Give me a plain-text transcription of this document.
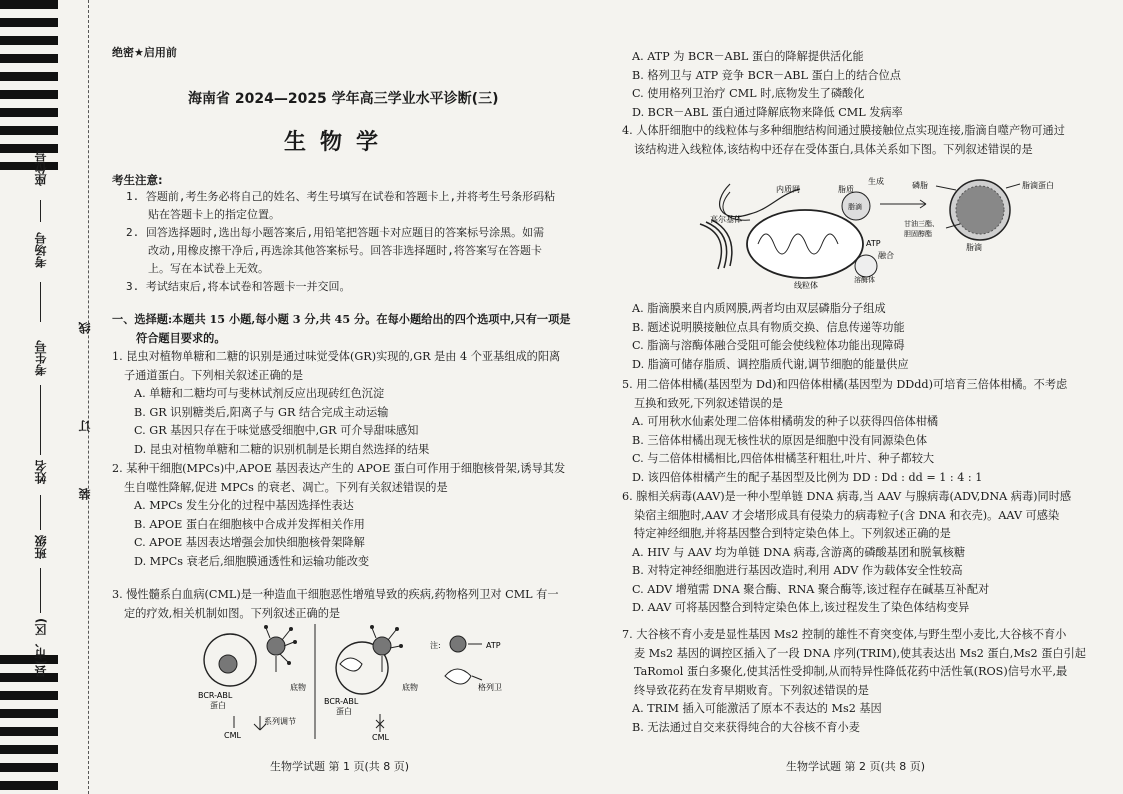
座位号
考场号
考生号
姓名
班级
县(市、区)
线
订
装
绝密★启用前
海南省 2024—2025 学年高三学业水平诊断(三)
生物学
考生注意:
1. 答题前,考生务必将自己的姓名、考生号填写在试卷和答题卡上,并将考生号条形码粘
贴在答题卡上的指定位置。
2. 回答选择题时,选出每小题答案后,用铅笔把答题卡对应题目的答案标号涂黑。如需
改动,用橡皮擦干净后,再选涂其他答案标号。回答非选择题时,将答案写在答题卡
上。写在本试卷上无效。
3. 考试结束后,将本试卷和答题卡一并交回。
一、选择题:本题共 15 小题,每小题 3 分,共 45 分。在每小题给出的四个选项中,只有一项是
符合题目要求的。

1. 昆虫对植物单糖和二糖的识别是通过味觉受体(GR)实现的,GR 是由 4 个亚基组成的阳离

子通道蛋白。下列相关叙述正确的是

A. 单糖和二糖均可与斐林试剂反应出现砖红色沉淀

B. GR 识别糖类后,阳离子与 GR 结合完成主动运输

C. GR 基因只存在于味觉感受细胞中,GR 可介导甜味感知

D. 昆虫对植物单糖和二糖的识别机制是长期自然选择的结果

2. 某种干细胞(MPCs)中,APOE 基因表达产生的 APOE 蛋白可作用于细胞核骨架,诱导其发

生自噬性降解,促进 MPCs 的衰老、凋亡。下列有关叙述错误的是

A. MPCs 发生分化的过程中基因选择性表达

B. APOE 蛋白在细胞核中合成并发挥相关作用

C. APOE 基因表达增强会加快细胞核骨架降解

D. MPCs 衰老后,细胞膜通透性和运输功能改变

3. 慢性髓系白血病(CML)是一种造血干细胞恶性增殖导致的疾病,药物格列卫对 CML 有一

定的疗效,相关机制如图。下列叙述正确的是

BCR-ABL
蛋白
底物
系列调节
CML
BCR-ABL
蛋白
底物
CML
注:	ATP
格列卫
生物学试题 第 1 页(共 8 页)

A. ATP 为 BCR－ABL 蛋白的降解提供活化能

B. 格列卫与 ATP 竞争 BCR－ABL 蛋白上的结合位点

C. 使用格列卫治疗 CML 时,底物发生了磷酸化

D. BCR－ABL 蛋白通过降解底物来降低 CML 发病率

4. 人体肝细胞中的线粒体与多种细胞结构间通过膜接触位点实现连接,脂滴自噬产物可通过

该结构进入线粒体,该结构中还存在受体蛋白,具体关系如下图。下列叙述错误的是

内质网	脂质
生成
高尔基体
脂滴
ATP
融合
溶酶体
线粒体
磷脂	脂滴蛋白
甘油三酯、
胆固醇酯
脂滴

A. 脂滴膜来自内质网膜,两者均由双层磷脂分子组成

B. 题述说明膜接触位点具有物质交换、信息传递等功能

C. 脂滴与溶酶体融合受阻可能会使线粒体功能出现障碍

D. 脂滴可储存脂质、调控脂质代谢,调节细胞的能量供应

5. 用二倍体柑橘(基因型为 Dd)和四倍体柑橘(基因型为 DDdd)可培育三倍体柑橘。不考虑

互换和致死,下列叙述错误的是

A. 可用秋水仙素处理二倍体柑橘萌发的种子以获得四倍体柑橘

B. 三倍体柑橘出现无核性状的原因是细胞中没有同源染色体

C. 与二倍体柑橘相比,四倍体柑橘茎秆粗壮,叶片、种子都较大

D. 该四倍体柑橘产生的配子基因型及比例为 DD : Dd : dd = 1 : 4 : 1

6. 腺相关病毒(AAV)是一种小型单链 DNA 病毒,当 AAV 与腺病毒(ADV,DNA 病毒)同时感

染宿主细胞时,AAV 才会堵形成具有侵染力的病毒粒子(含 DNA 和衣壳)。AAV 可感染

特定神经细胞,并将基因整合到特定染色体上。下列叙述正确的是

A. HIV 与 AAV 均为单链 DNA 病毒,含游离的磷酸基团和脱氧核糖

B. 对特定神经细胞进行基因改造时,利用 ADV 作为载体安全性较高

C. ADV 增殖需 DNA 聚合酶、RNA 聚合酶等,该过程存在碱基互补配对

D. AAV 可将基因整合到特定染色体上,该过程发生了染色体结构变异

7. 大谷核不育小麦是显性基因 Ms2 控制的雄性不育突变体,与野生型小麦比,大谷核不育小

麦 Ms2 基因的调控区插入了一段 DNA 序列(TRIM),使其表达出 Ms2 蛋白,Ms2 蛋白引起

TaRomol 蛋白多聚化,使其活性受抑制,从而特异性降低花药中活性氧(ROS)信号水平,最

终导致花药在发育早期败育。下列叙述错误的是

A. TRIM 插入可能激活了原本不表达的 Ms2 基因

B. 无法通过自交来获得纯合的大谷核不育小麦

生物学试题 第 2 页(共 8 页)
